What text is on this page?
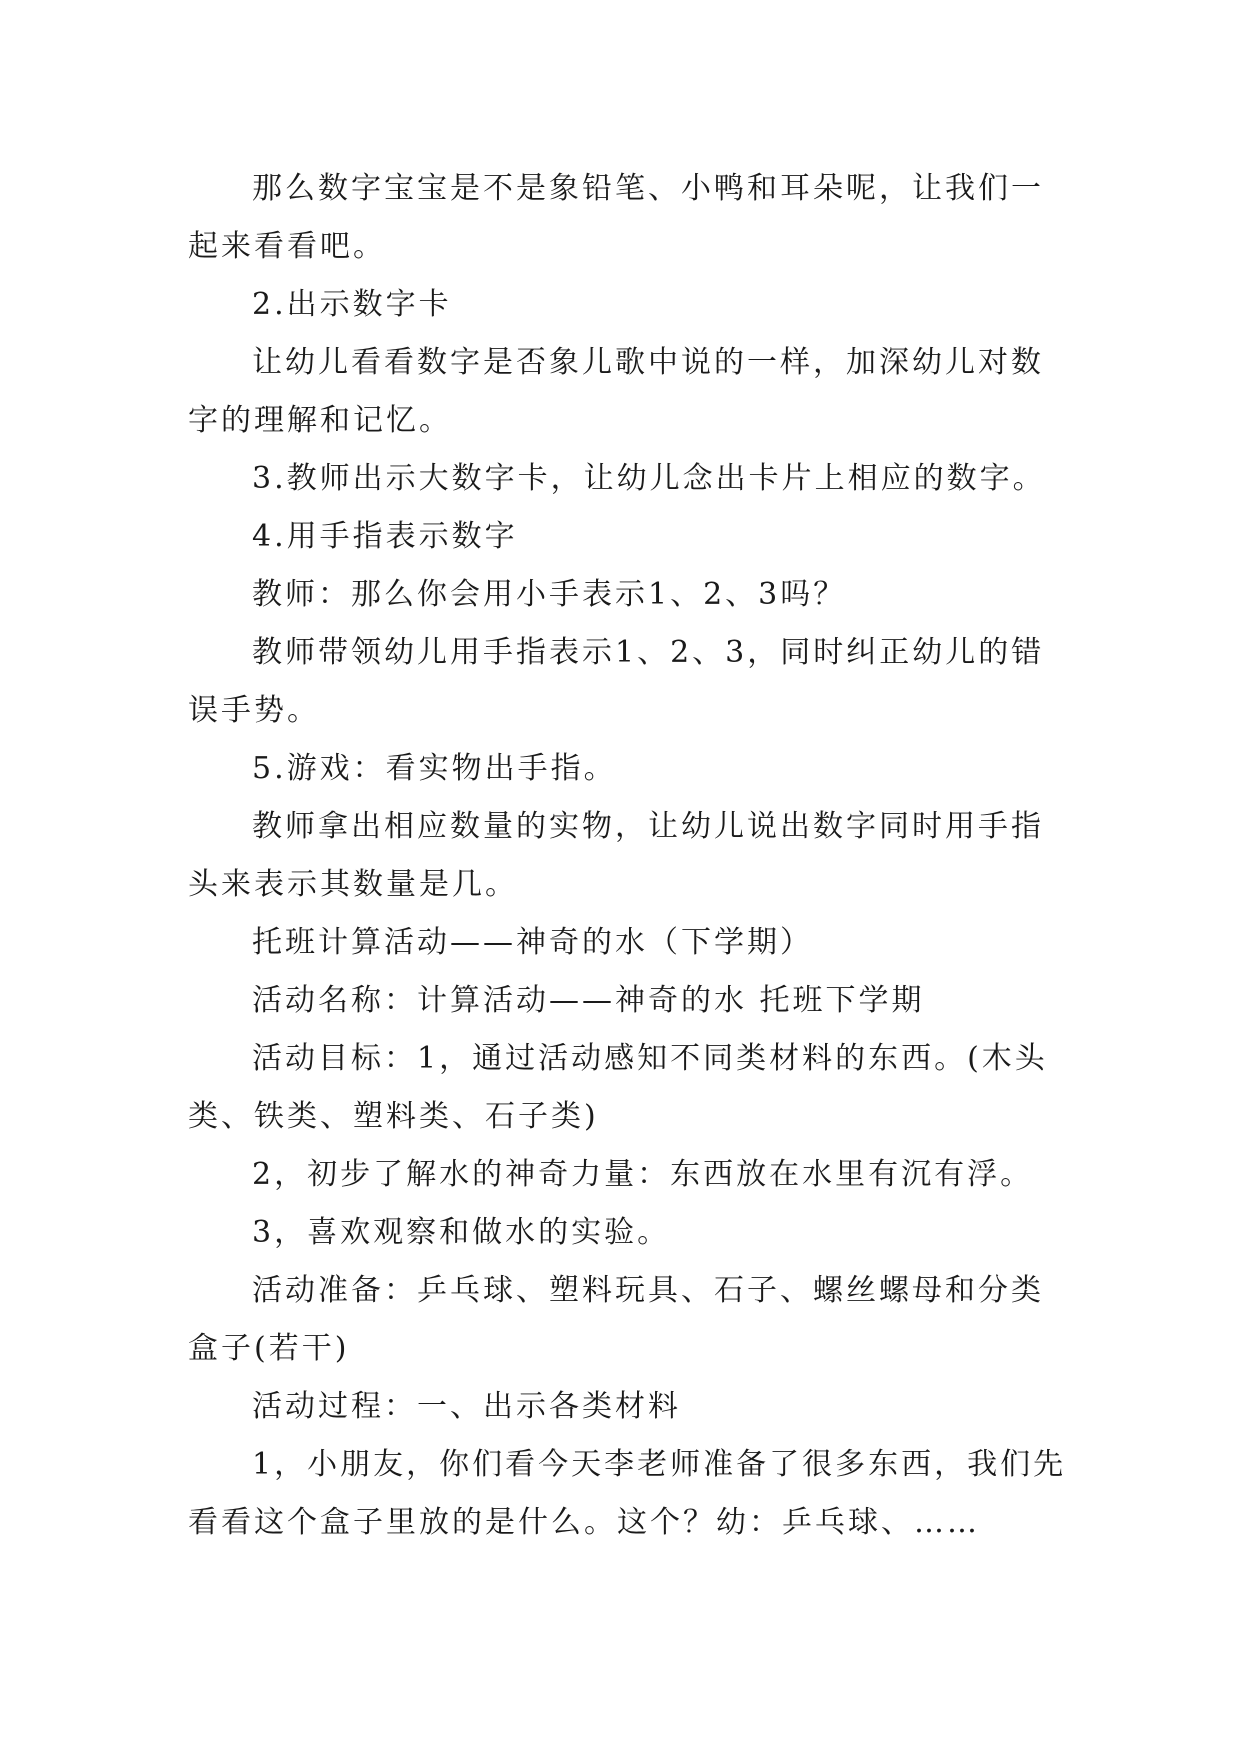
那么数字宝宝是不是象铅笔、小鸭和耳朵呢，让我们一起来看看吧。

2.出示数字卡

让幼儿看看数字是否象儿歌中说的一样，加深幼儿对数字的理解和记忆。

3.教师出示大数字卡，让幼儿念出卡片上相应的数字。

4.用手指表示数字

教师：那么你会用小手表示1、2、3吗？

教师带领幼儿用手指表示1、2、3，同时纠正幼儿的错误手势。

5.游戏：看实物出手指。

教师拿出相应数量的实物，让幼儿说出数字同时用手指头来表示其数量是几。

托班计算活动——神奇的水（下学期）

活动名称：计算活动——神奇的水 托班下学期

活动目标：1，通过活动感知不同类材料的东西。(木头类、铁类、塑料类、石子类)

2，初步了解水的神奇力量：东西放在水里有沉有浮。

3，喜欢观察和做水的实验。

活动准备：乒乓球、塑料玩具、石子、螺丝螺母和分类盒子(若干)

活动过程：一、出示各类材料

1，小朋友，你们看今天李老师准备了很多东西，我们先看看这个盒子里放的是什么。这个？幼：乒乓球、……
